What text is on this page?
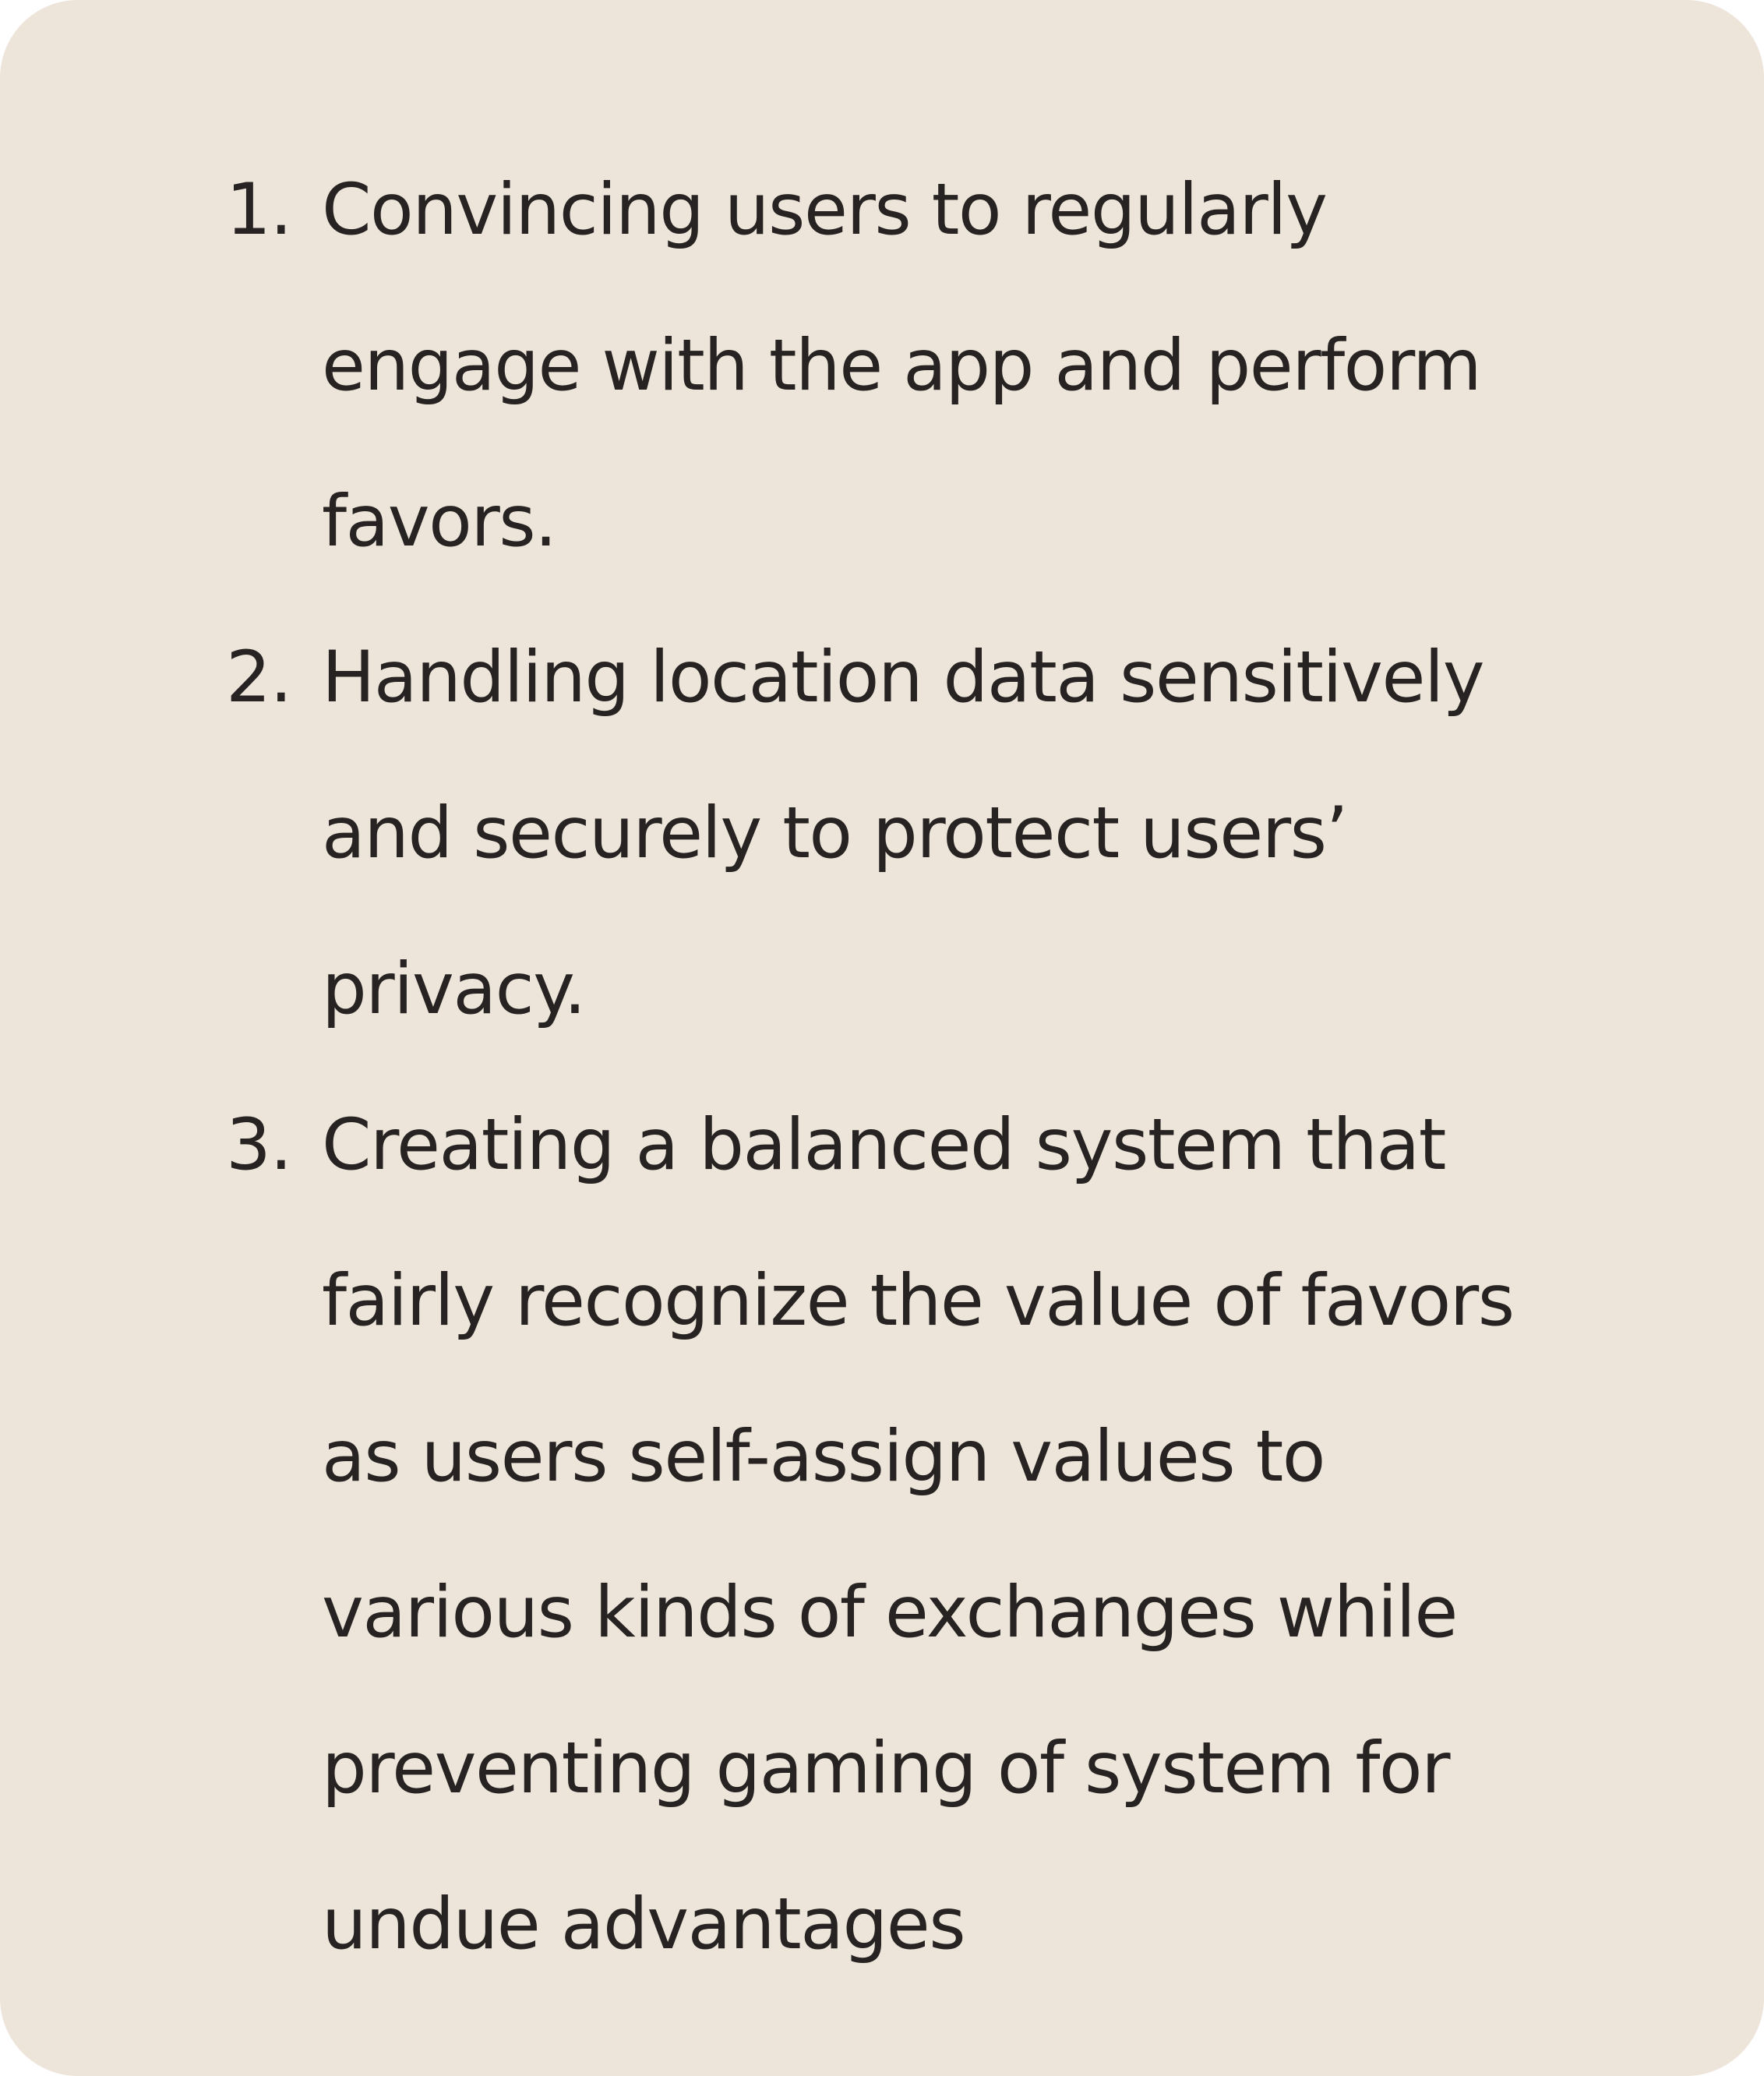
1. Convincing users to regularly
engage with the app and perform
favors.
2. Handling location data sensitively
and securely to protect users’
privacy.
3. Creating a balanced system that
fairly recognize the value of favors
as users self-assign values to
various kinds of exchanges while
preventing gaming of system for
undue advantages
